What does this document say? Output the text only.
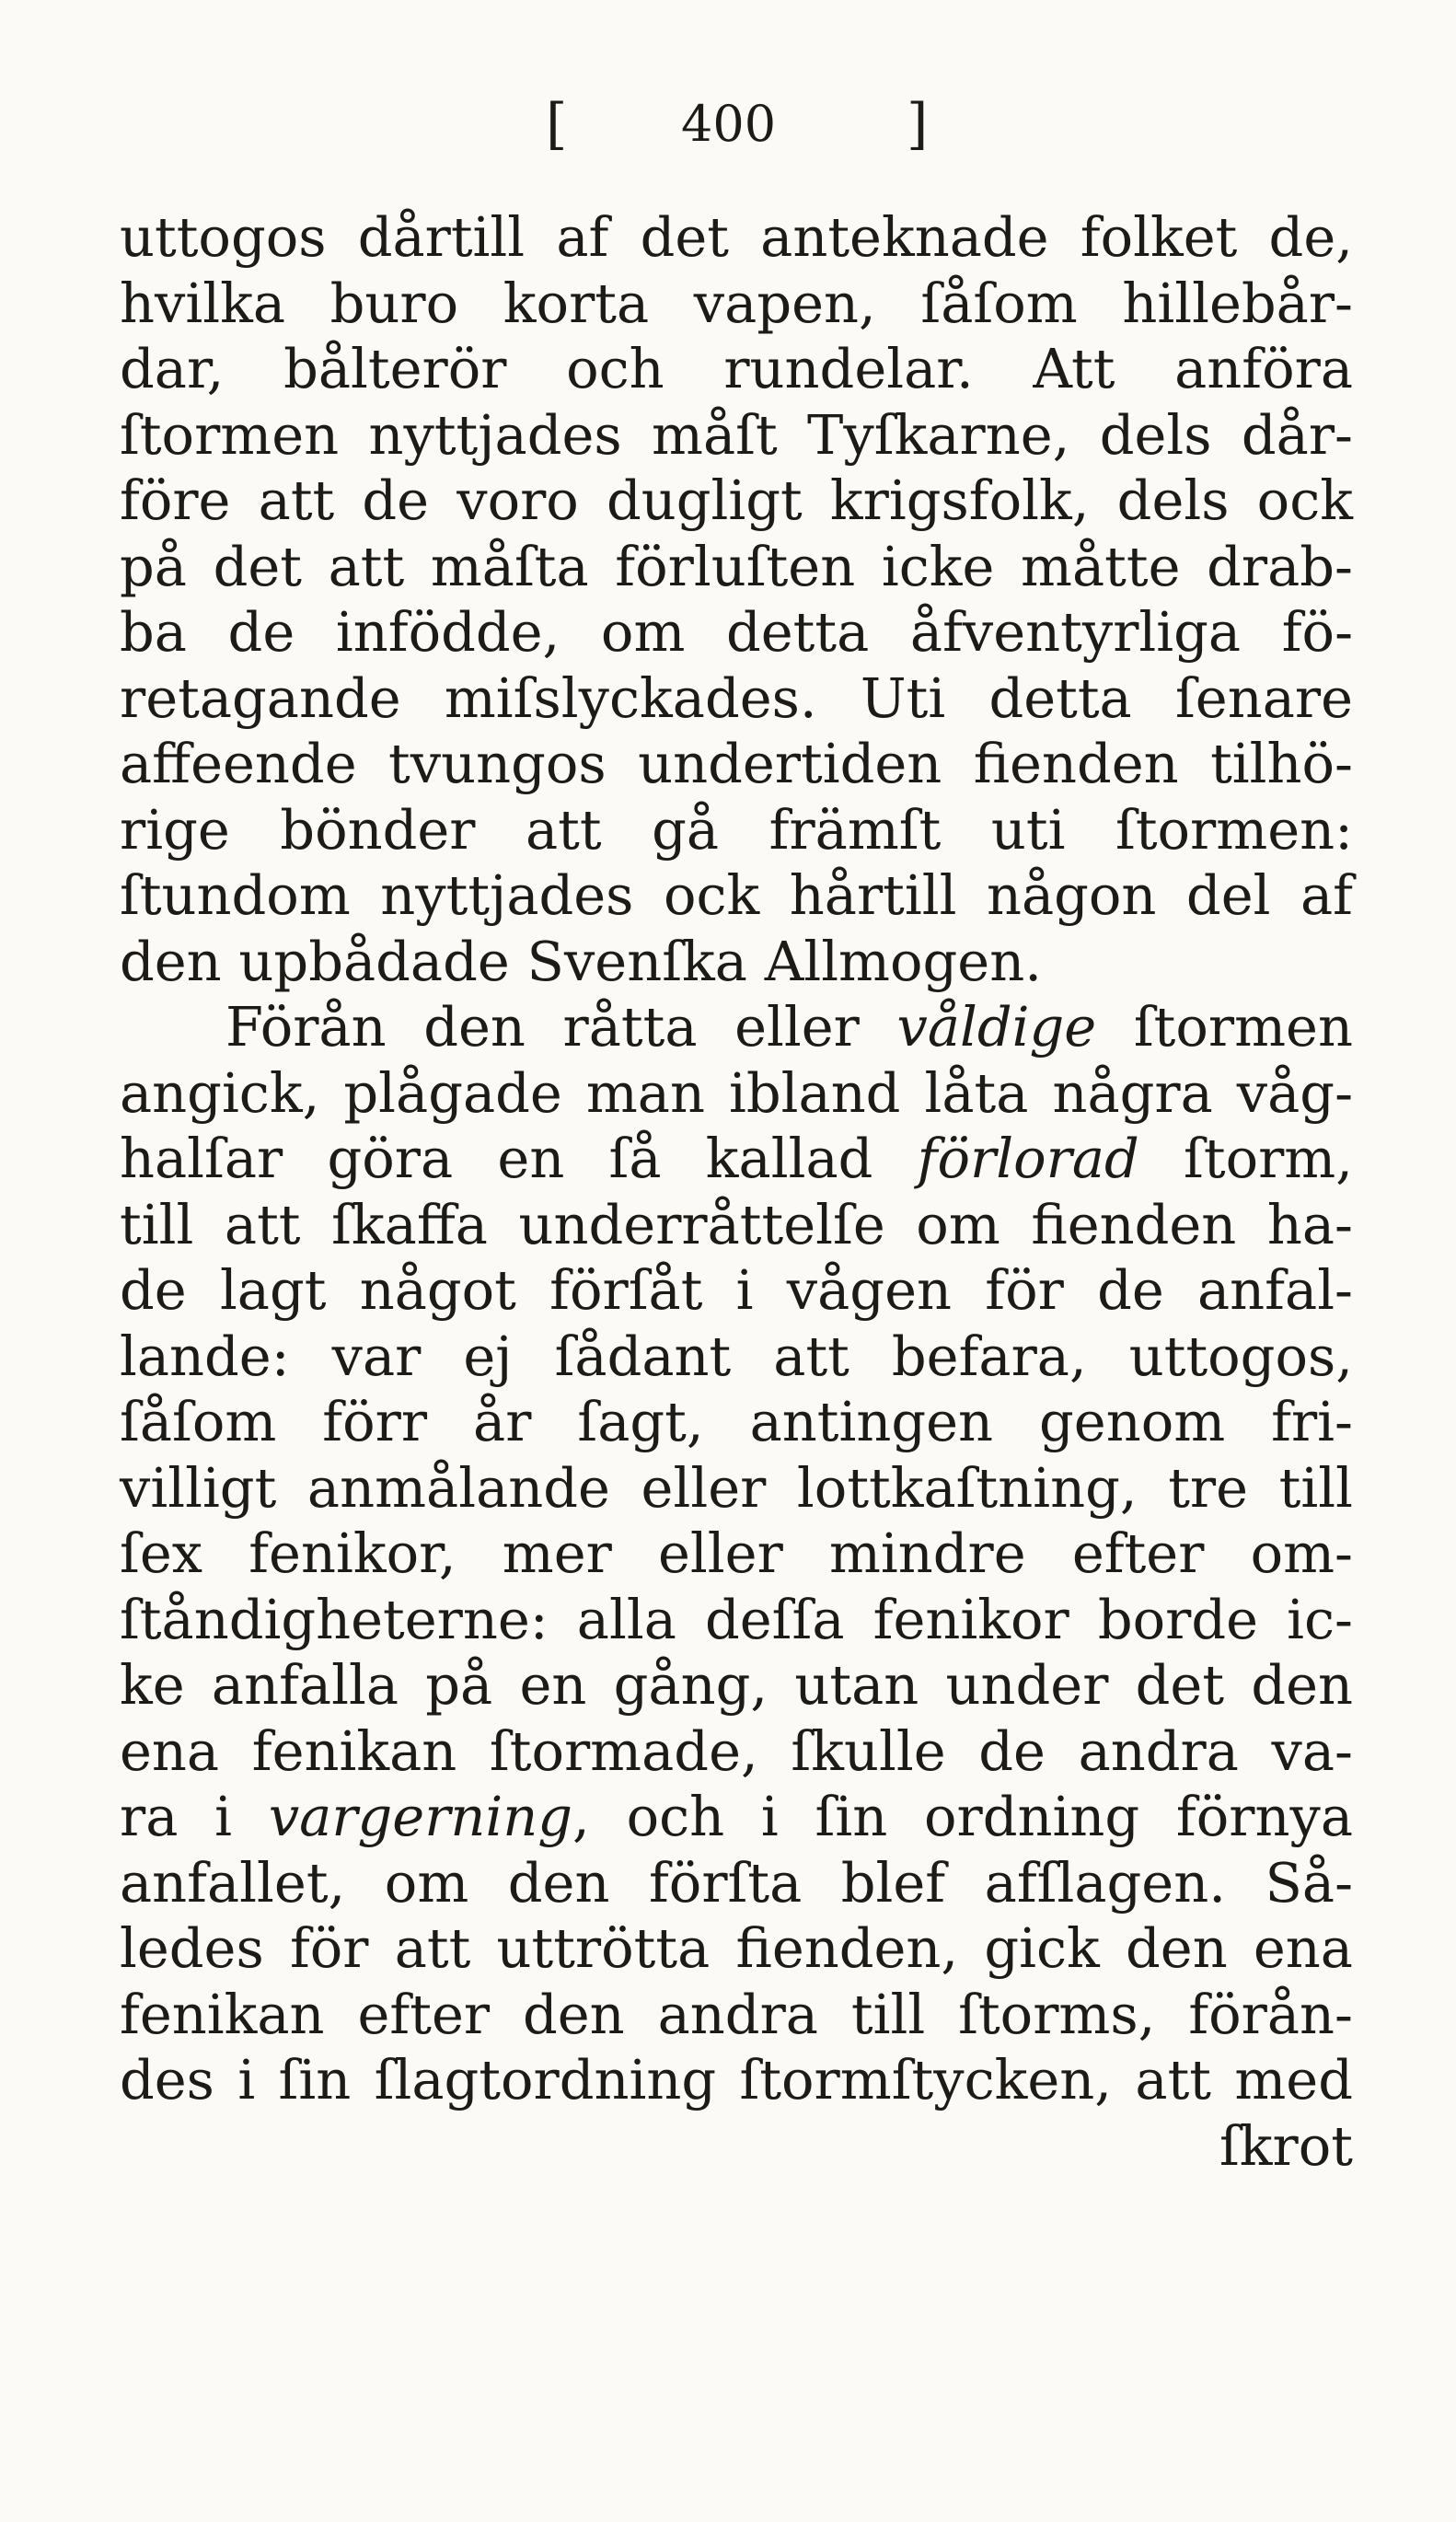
[ 400 ]
uttogos dårtill af det anteknade folket de,
hvilka buro korta vapen, ſåſom hillebår-
dar, bålterör och rundelar. Att anföra
ſtormen nyttjades måſt Tyſkarne, dels dår-
före att de voro dugligt krigsfolk, dels ock
på det att måſta förluſten icke måtte drab-
ba de infödde, om detta åfventyrliga fö-
retagande miſslyckades. Uti detta ſenare
affeende tvungos undertiden fienden tilhö-
rige bönder att gå främſt uti ſtormen:
ſtundom nyttjades ock hårtill någon del af
den upbådade Svenſka Allmogen.
Förån den råtta eller våldige ſtormen
angick, plågade man ibland låta några våg-
halſar göra en ſå kallad förlorad ſtorm,
till att ſkaffa underråttelſe om fienden ha-
de lagt något förſåt i vågen för de anfal-
lande: var ej ſådant att befara, uttogos,
ſåſom förr år ſagt, antingen genom fri-
villigt anmålande eller lottkaſtning, tre till
ſex fenikor, mer eller mindre efter om-
ſtåndigheterne: alla deſſa fenikor borde ic-
ke anfalla på en gång, utan under det den
ena fenikan ſtormade, ſkulle de andra va-
ra i vargerning, och i ſin ordning förnya
anfallet, om den förſta blef afſlagen. Så-
ledes för att uttrötta fienden, gick den ena
fenikan efter den andra till ſtorms, förån-
des i ſin ſlagtordning ſtormſtycken, att med
ſkrot
